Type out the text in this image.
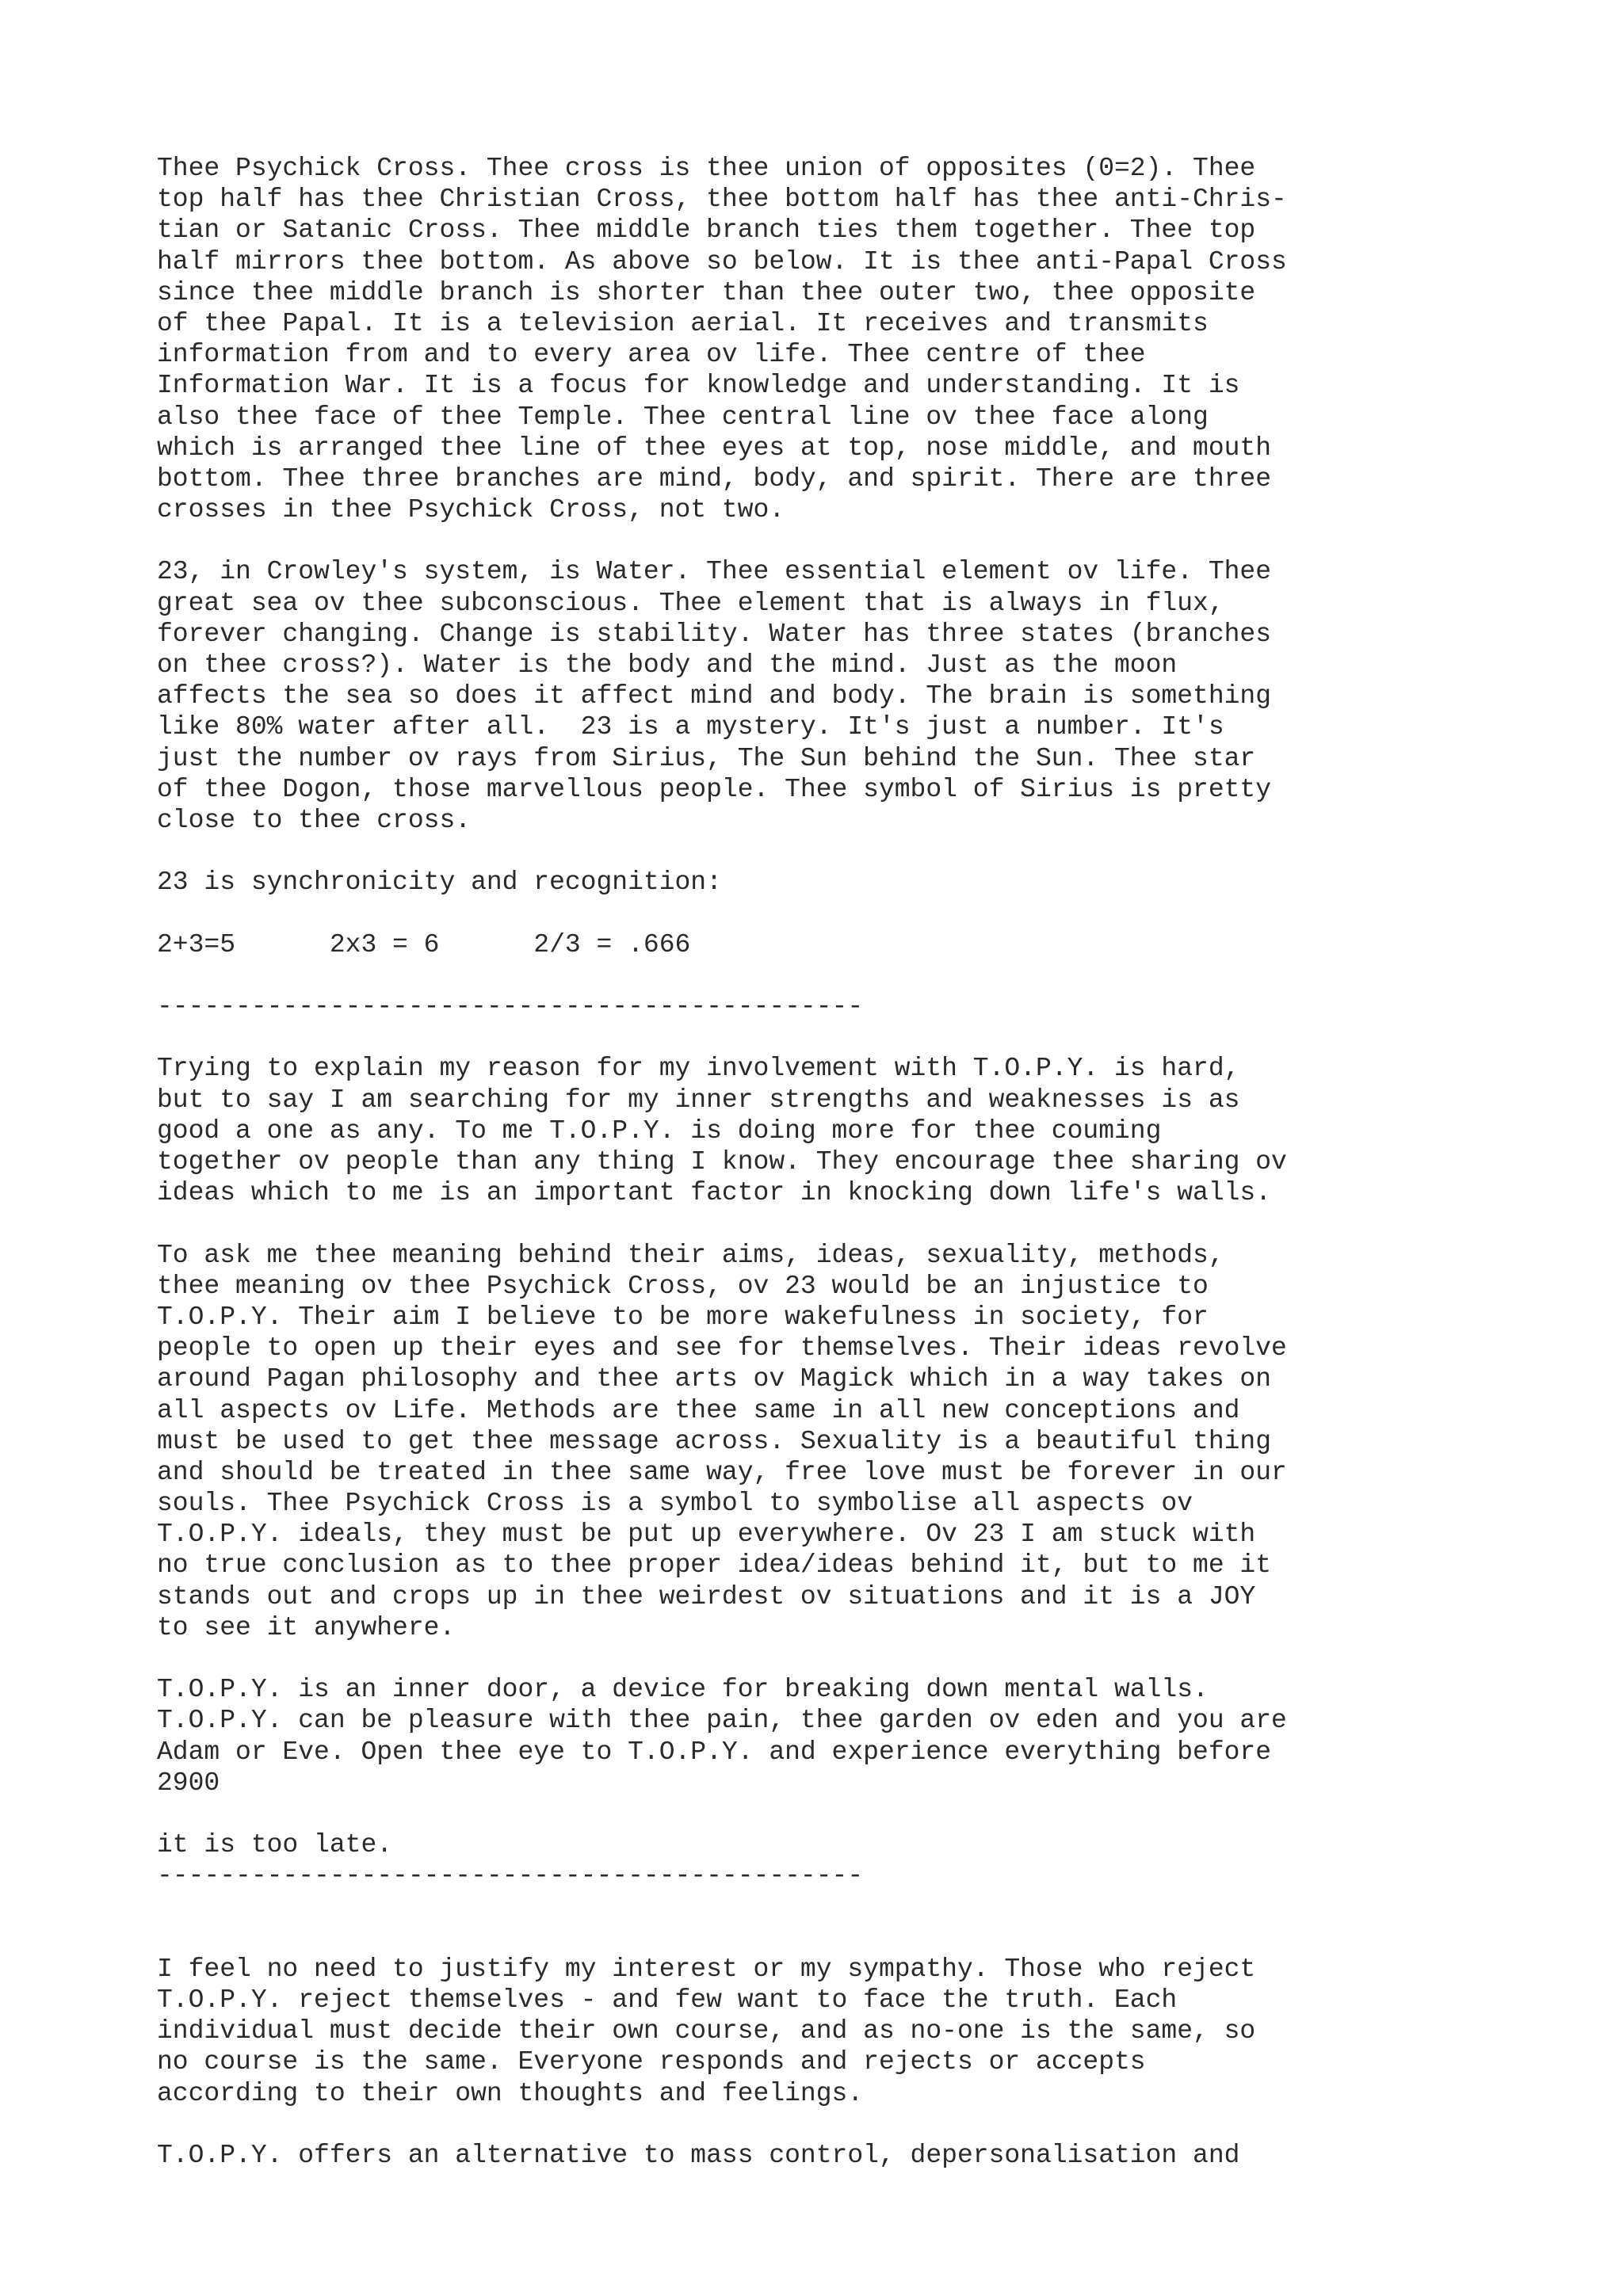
Thee Psychick Cross. Thee cross is thee union of opposites (0=2). Thee
top half has thee Christian Cross, thee bottom half has thee anti-Chris-
tian or Satanic Cross. Thee middle branch ties them together. Thee top
half mirrors thee bottom. As above so below. It is thee anti-Papal Cross
since thee middle branch is shorter than thee outer two, thee opposite
of thee Papal. It is a television aerial. It receives and transmits
information from and to every area ov life. Thee centre of thee
Information War. It is a focus for knowledge and understanding. It is
also thee face of thee Temple. Thee central line ov thee face along
which is arranged thee line of thee eyes at top, nose middle, and mouth
bottom. Thee three branches are mind, body, and spirit. There are three
crosses in thee Psychick Cross, not two.
23, in Crowley's system, is Water. Thee essential element ov life. Thee
great sea ov thee subconscious. Thee element that is always in flux,
forever changing. Change is stability. Water has three states (branches
on thee cross?). Water is the body and the mind. Just as the moon
affects the sea so does it affect mind and body. The brain is something
like 80% water after all.  23 is a mystery. It's just a number. It's
just the number ov rays from Sirius, The Sun behind the Sun. Thee star
of thee Dogon, those marvellous people. Thee symbol of Sirius is pretty
close to thee cross.
23 is synchronicity and recognition:
2+3=5      2x3 = 6      2/3 = .666
---------------------------------------------
Trying to explain my reason for my involvement with T.O.P.Y. is hard,
but to say I am searching for my inner strengths and weaknesses is as
good a one as any. To me T.O.P.Y. is doing more for thee couming
together ov people than any thing I know. They encourage thee sharing ov
ideas which to me is an important factor in knocking down life's walls.
To ask me thee meaning behind their aims, ideas, sexuality, methods,
thee meaning ov thee Psychick Cross, ov 23 would be an injustice to
T.O.P.Y. Their aim I believe to be more wakefulness in society, for
people to open up their eyes and see for themselves. Their ideas revolve
around Pagan philosophy and thee arts ov Magick which in a way takes on
all aspects ov Life. Methods are thee same in all new conceptions and
must be used to get thee message across. Sexuality is a beautiful thing
and should be treated in thee same way, free love must be forever in our
souls. Thee Psychick Cross is a symbol to symbolise all aspects ov
T.O.P.Y. ideals, they must be put up everywhere. Ov 23 I am stuck with
no true conclusion as to thee proper idea/ideas behind it, but to me it
stands out and crops up in thee weirdest ov situations and it is a JOY
to see it anywhere.
T.O.P.Y. is an inner door, a device for breaking down mental walls.
T.O.P.Y. can be pleasure with thee pain, thee garden ov eden and you are
Adam or Eve. Open thee eye to T.O.P.Y. and experience everything before
2900
it is too late.
---------------------------------------------
I feel no need to justify my interest or my sympathy. Those who reject
T.O.P.Y. reject themselves - and few want to face the truth. Each
individual must decide their own course, and as no-one is the same, so
no course is the same. Everyone responds and rejects or accepts
according to their own thoughts and feelings.
T.O.P.Y. offers an alternative to mass control, depersonalisation and
